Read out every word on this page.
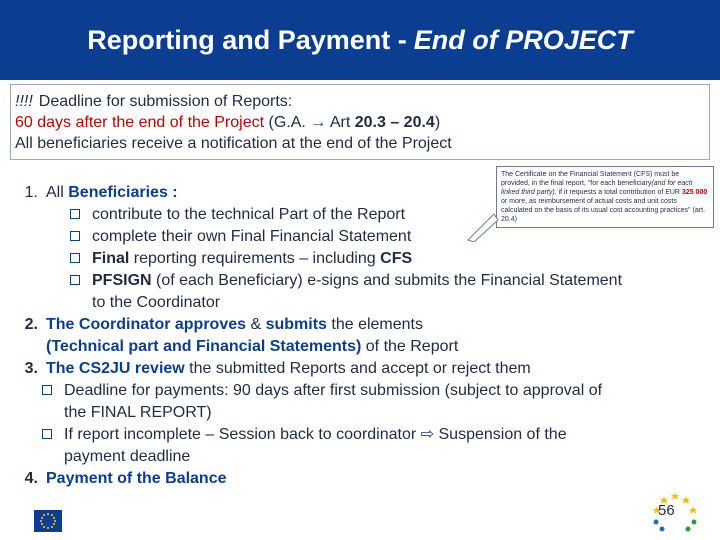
Reporting and Payment - End of PROJECT
!!!! Deadline for submission of Reports:
60 days after the end of the Project (G.A. → Art 20.3 – 20.4)
All beneficiaries receive a notification at the end of the Project
1. All Beneficiaries :
contribute to the technical Part of the Report
complete their own Final Financial Statement
Final reporting requirements – including CFS
PFSIGN (of each Beneficiary) e-signs and submits the Financial Statement
to the Coordinator
2. The Coordinator approves & submits the elements
(Technical part and Financial Statements) of the Report
3. The CS2JU review the submitted Reports and accept or reject them
Deadline for payments: 90 days after first submission (subject to approval of
the FINAL REPORT)
If report incomplete – Session back to coordinator ⇨ Suspension of the
payment deadline
4. Payment of the Balance
The Certificate on the Financial Statement (CFS) must be provided, in the final report, "for each beneficiary(and for each linked third party), if it requests a total contribution of EUR 325 000 or more, as reimbursement of actual costs and unit costs calculated on the basis of its usual cost accounting practices" (art. 20.4)
56
